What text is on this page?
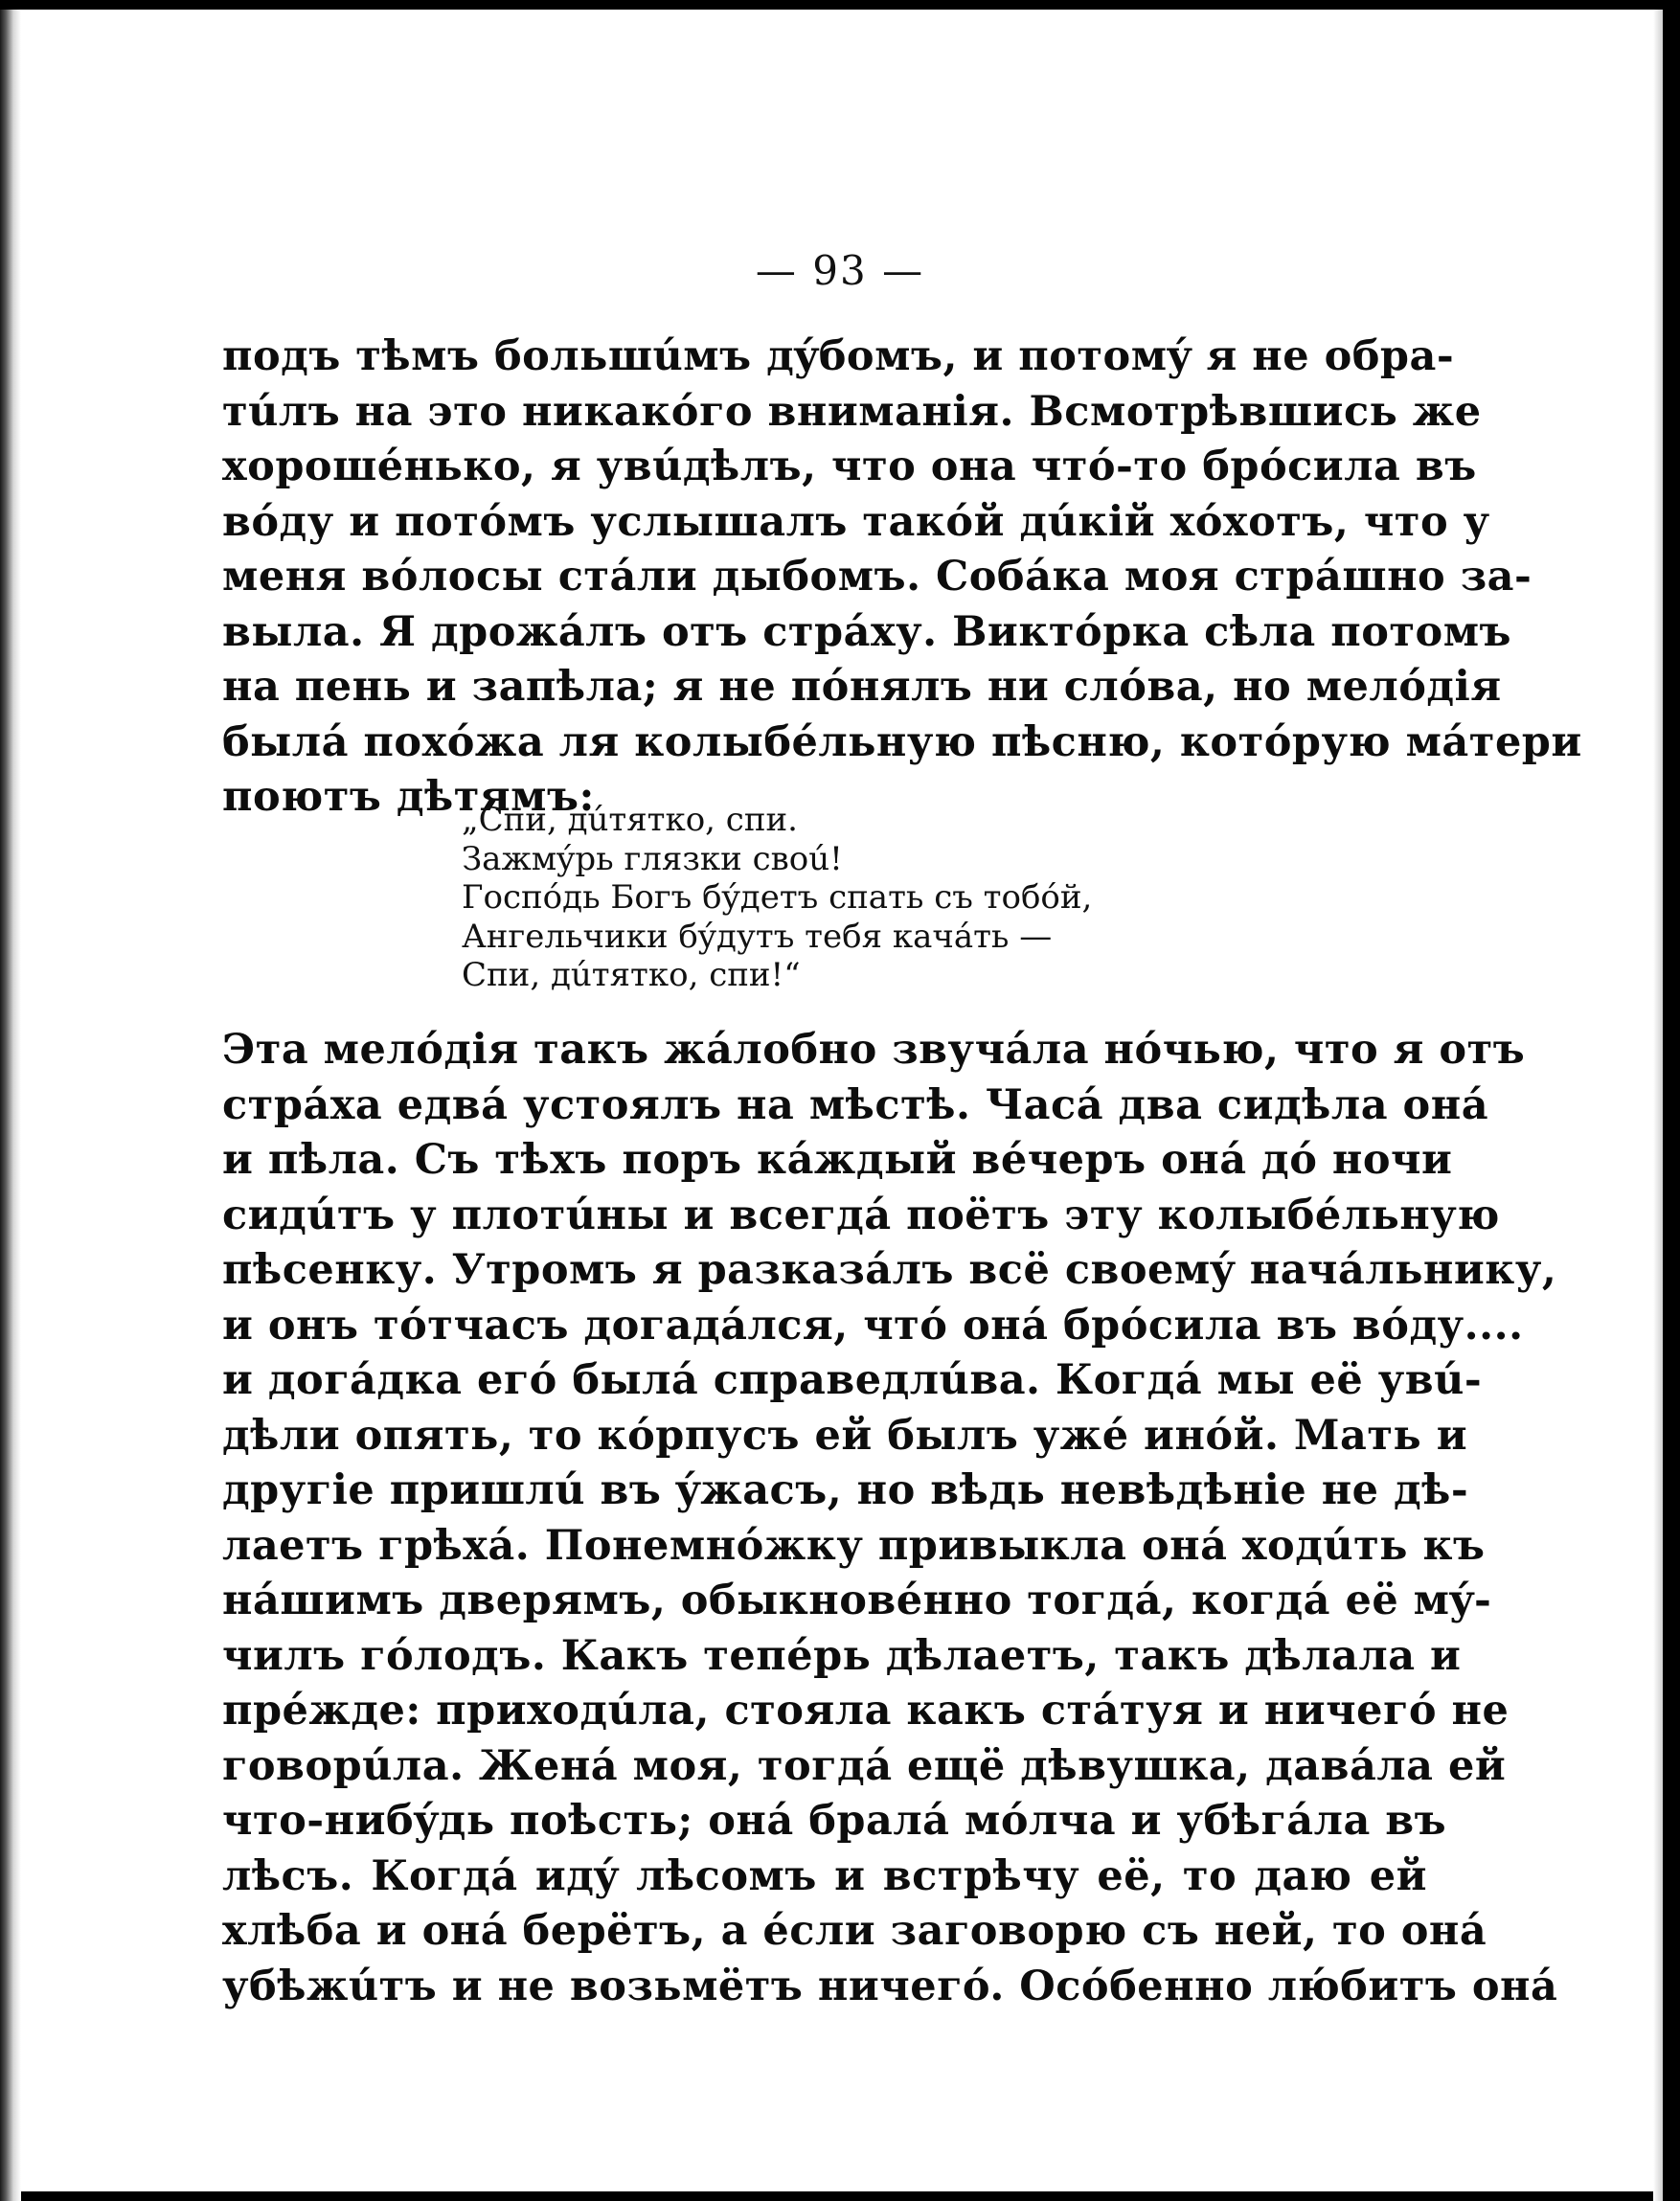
— 93 —
подъ тѣмъ большúмъ дýбомъ, и потомý я не обра-
тúлъ на это никакóго вниманія. Всмотрѣвшись же
хорошéнько, я увúдѣлъ, что она чтó-то брóсила въ
вóду и потóмъ услышалъ такóй дúкій хóхотъ, что у
меня вóлосы стáли дыбомъ. Собáка моя стрáшно за-
выла. Я дрожáлъ отъ стрáху. Виктóрка сѣла потомъ
на пень и запѣла; я не пóнялъ ни слóва, но мелóдія
былá похóжа ля колыбéльную пѣсню, котóрую мáтери
поютъ дѣтямъ:
„Спи, дúтятко, спи.
Зажмýрь глязки своú!
Госпóдь Богъ бýдетъ спать съ тобóй,
Ангельчики бýдутъ тебя качáть —
Спи, дúтятко, спи!“
Эта мелóдія такъ жáлобно звучáла нóчью, что я отъ
стрáха едвá устоялъ на мѣстѣ. Часá два сидѣла онá
и пѣла. Съ тѣхъ поръ кáждый вéчеръ онá дó ночи
сидúтъ у плотúны и всегдá поётъ эту колыбéльную
пѣсенку. Утромъ я разказáлъ всё своемý начáльнику,
и онъ тóтчасъ догадáлся, чтó онá брóсила въ вóду....
и догáдка егó былá справедлúва. Когдá мы её увú-
дѣли опять, то кóрпусъ ей былъ ужé инóй. Мать и
другіе пришлú въ ýжасъ, но вѣдь невѣдѣніе не дѣ-
лаетъ грѣхá. Понемнóжку привыкла онá ходúть къ
нáшимъ дверямъ, обыкновéнно тогдá, когдá её мý-
чилъ гóлодъ. Какъ тепéрь дѣлаетъ, такъ дѣлала и
прéжде: приходúла, стояла какъ стáтуя и ничегó не
говорúла. Женá моя, тогдá ещё дѣвушка, давáла ей
что-нибýдь поѣсть; онá бралá мóлча и убѣгáла въ
лѣсъ. Когдá идý лѣсомъ и встрѣчу её, то даю ей
хлѣба и онá берётъ, а éсли заговорю съ ней, то онá
убѣжúтъ и не возьмётъ ничегó. Осóбенно лю́битъ онá
